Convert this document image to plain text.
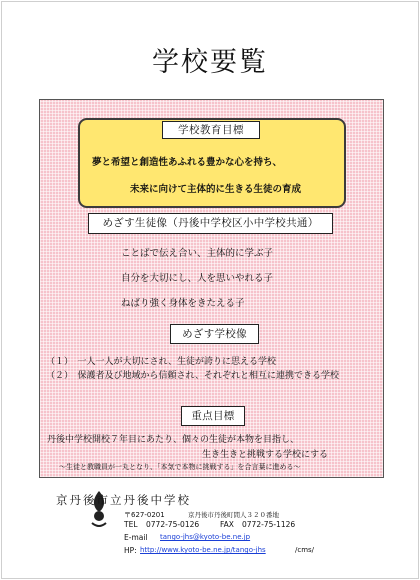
学校要覧
学校教育目標
夢と希望と創造性あふれる豊かな心を持ち、
未来に向けて主体的に生きる生徒の育成
めざす生徒像（丹後中学校区小中学校共通）
ことばで伝え合い、主体的に学ぶ子
自分を大切にし、人を思いやれる子
ねばり強く身体をきたえる子
めざす学校像
（１）　一人一人が大切にされ、生徒が誇りに思える学校
（２）　保護者及び地域から信頼され、それぞれと相互に連携できる学校
重点目標
丹後中学校開校７年目にあたり、個々の生徒が本物を目指し、
生き生きと挑戦する学校にする
～生徒と教職員が一丸となり、「本気で本物に挑戦する」を合言葉に進める～
京丹後市立丹後中学校
〒627-0201	京丹後市丹後町間人３２０番地
TEL 0772-75-0126	FAX 0772-75-1126
E-mail tango-jhs@kyoto-be.ne.jp
HP: http://www.kyoto-be.ne.jp/tango-jhs	/cms/
